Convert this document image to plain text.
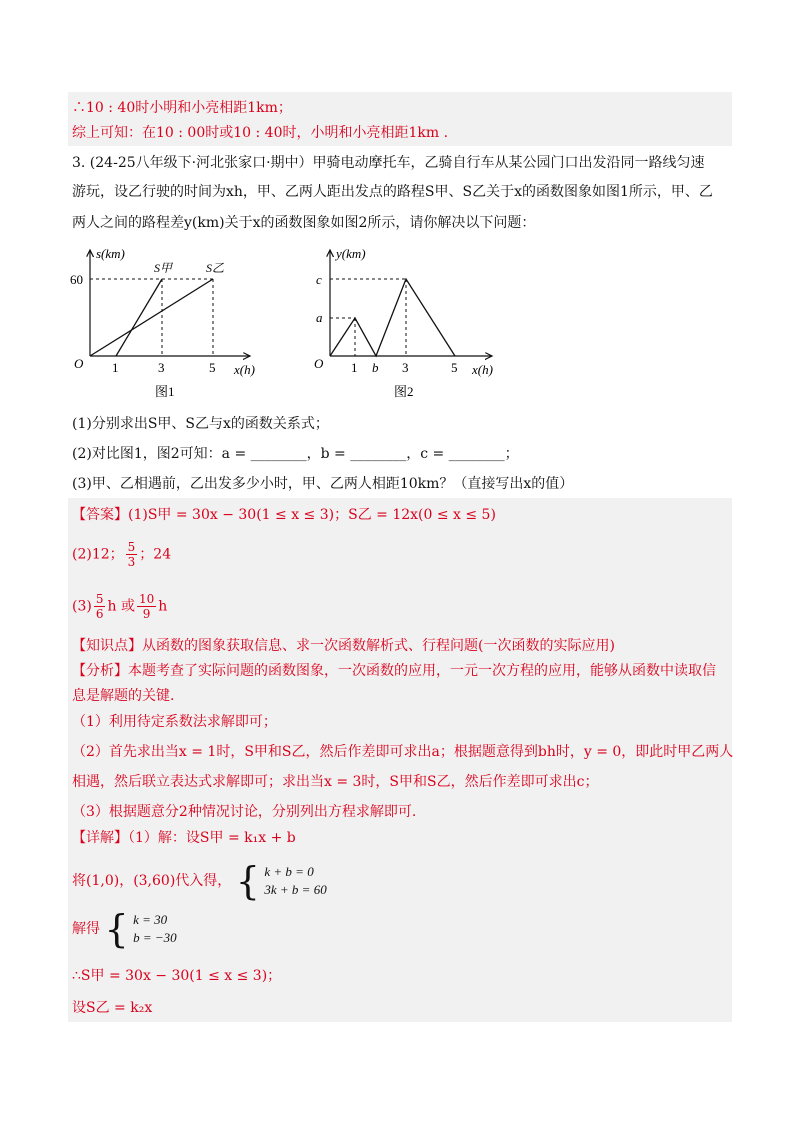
∴10 : 40时小明和小亮相距1km；
综上可知：在10 : 00时或10 : 40时，小明和小亮相距1km .
3. (24-25八年级下·河北张家口·期中）甲骑电动摩托车，乙骑自行车从某公园门口出发沿同一路线匀速
游玩，设乙行驶的时间为xh，甲、乙两人距出发点的路程S甲、S乙关于x的函数图象如图1所示，甲、乙
两人之间的路程差y(km)关于x的函数图象如图2所示，请你解决以下问题：
s(km)
60
O 1	3	5 x(h)
S甲	S乙
图1
y(km)
c
a
O 1 b 3	5 x(h)
图2
(1)分别求出S甲、S乙与x的函数关系式；
(2)对比图1，图2可知：a = ________，b = ________，c = ________；
(3)甲、乙相遇前，乙出发多少小时，甲、乙两人相距10km？（直接写出x的值）
【答案】(1)S甲 = 30x − 30(1 ≤ x ≤ 3)；S乙 = 12x(0 ≤ x ≤ 5)
(2)12； $\frac{5}{3}$ ；24
$(3) \frac{5}{6}$ h 或 $\frac{10}{9}$ h
【知识点】从函数的图象获取信息、求一次函数解析式、行程问题(一次函数的实际应用)
【分析】本题考查了实际问题的函数图象，一次函数的应用，一元一次方程的应用，能够从函数中读取信
息是解题的关键.
（1）利用待定系数法求解即可；
（2）首先求出当x = 1时，S甲和S乙，然后作差即可求出a；根据题意得到bh时，y = 0，即此时甲乙两人
相遇，然后联立表达式求解即可；求出当x = 3时，S甲和S乙，然后作差即可求出c；
（3）根据题意分2种情况讨论，分别列出方程求解即可.
【详解】（1）解：设S甲 = k₁x + b
将(1,0)，(3,60)代入得， { k + b = 0
3k + b = 60
解得 { k = 30
b = −30
∴S甲 = 30x − 30(1 ≤ x ≤ 3)；
设S乙 = k₂x
